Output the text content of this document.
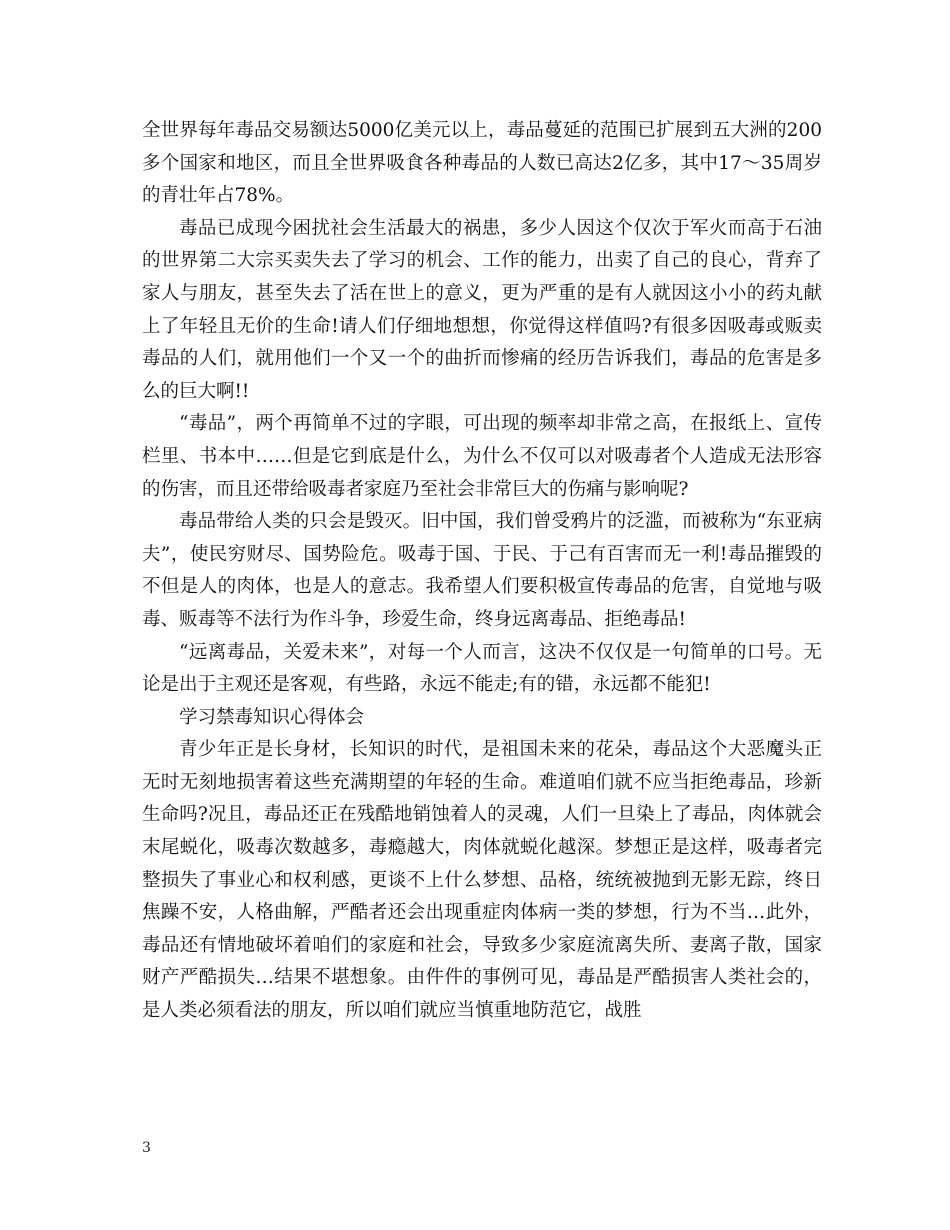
全世界每年毒品交易额达5000亿美元以上，毒品蔓延的范围已扩展到五大洲的200多个国家和地区，而且全世界吸食各种毒品的人数已高达2亿多，其中17～35周岁的青壮年占78%。

毒品已成现今困扰社会生活最大的祸患，多少人因这个仅次于军火而高于石油的世界第二大宗买卖失去了学习的机会、工作的能力，出卖了自己的良心，背弃了家人与朋友，甚至失去了活在世上的意义，更为严重的是有人就因这小小的药丸献上了年轻且无价的生命!请人们仔细地想想，你觉得这样值吗?有很多因吸毒或贩卖毒品的人们，就用他们一个又一个的曲折而惨痛的经历告诉我们，毒品的危害是多么的巨大啊!!

“毒品”，两个再简单不过的字眼，可出现的频率却非常之高，在报纸上、宣传栏里、书本中……但是它到底是什么，为什么不仅可以对吸毒者个人造成无法形容的伤害，而且还带给吸毒者家庭乃至社会非常巨大的伤痛与影响呢?

毒品带给人类的只会是毁灭。旧中国，我们曾受鸦片的泛滥，而被称为“东亚病夫”，使民穷财尽、国势险危。吸毒于国、于民、于己有百害而无一利!毒品摧毁的不但是人的肉体，也是人的意志。我希望人们要积极宣传毒品的危害，自觉地与吸毒、贩毒等不法行为作斗争，珍爱生命，终身远离毒品、拒绝毒品!

“远离毒品，关爱未来”，对每一个人而言，这决不仅仅是一句简单的口号。无论是出于主观还是客观，有些路，永远不能走;有的错，永远都不能犯!

学习禁毒知识心得体会

青少年正是长身材，长知识的时代，是祖国未来的花朵，毒品这个大恶魔头正无时无刻地损害着这些充满期望的年轻的生命。难道咱们就不应当拒绝毒品，珍新生命吗?况且，毒品还正在残酷地销蚀着人的灵魂，人们一旦染上了毒品，肉体就会末尾蜕化，吸毒次数越多，毒瘾越大，肉体就蜕化越深。梦想正是这样，吸毒者完整损失了事业心和权利感，更谈不上什么梦想、品格，统统被抛到无影无踪，终日焦躁不安，人格曲解，严酷者还会出现重症肉体病一类的梦想，行为不当…此外，毒品还有情地破坏着咱们的家庭和社会，导致多少家庭流离失所、妻离子散，国家财产严酷损失…结果不堪想象。由件件的事例可见，毒品是严酷损害人类社会的，是人类必须看法的朋友，所以咱们就应当慎重地防范它，战胜

3
